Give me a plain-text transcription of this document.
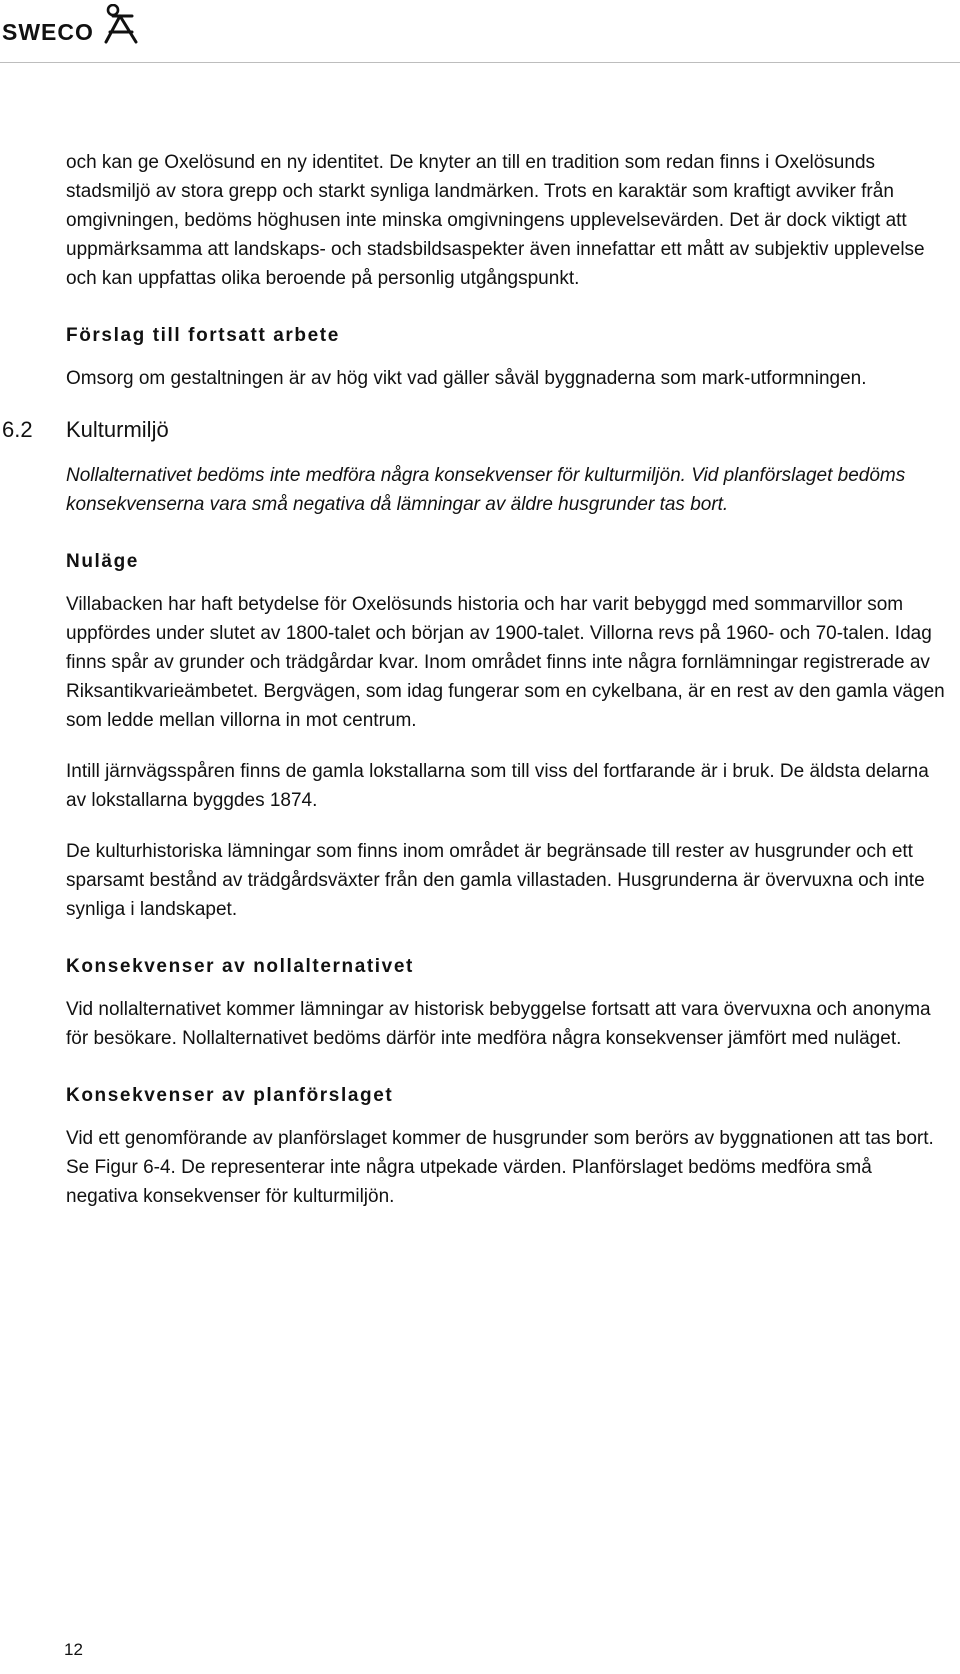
SWECO

och kan ge Oxelösund en ny identitet. De knyter an till en tradition som redan finns i Oxelösunds stadsmiljö av stora grepp och starkt synliga landmärken. Trots en karaktär som kraftigt avviker från omgivningen, bedöms höghusen inte minska omgivningens upplevelsevärden. Det är dock viktigt att uppmärksamma att landskaps- och stadsbildsaspekter även innefattar ett mått av subjektiv upplevelse och kan uppfattas olika beroende på personlig utgångspunkt.

Förslag till fortsatt arbete

Omsorg om gestaltningen är av hög vikt vad gäller såväl byggnaderna som mark-utformningen.

6.2 Kulturmiljö

Nollalternativet bedöms inte medföra några konsekvenser för kulturmiljön. Vid planförslaget bedöms konsekvenserna vara små negativa då lämningar av äldre husgrunder tas bort.

Nuläge

Villabacken har haft betydelse för Oxelösunds historia och har varit bebyggd med sommarvillor som uppfördes under slutet av 1800-talet och början av 1900-talet. Villorna revs på 1960- och 70-talen. Idag finns spår av grunder och trädgårdar kvar. Inom området finns inte några fornlämningar registrerade av Riksantikvarieämbetet. Bergvägen, som idag fungerar som en cykelbana, är en rest av den gamla vägen som ledde mellan villorna in mot centrum.

Intill järnvägsspåren finns de gamla lokstallarna som till viss del fortfarande är i bruk. De äldsta delarna av lokstallarna byggdes 1874.

De kulturhistoriska lämningar som finns inom området är begränsade till rester av husgrunder och ett sparsamt bestånd av trädgårdsväxter från den gamla villastaden. Husgrunderna är övervuxna och inte synliga i landskapet.

Konsekvenser av nollalternativet

Vid nollalternativet kommer lämningar av historisk bebyggelse fortsatt att vara övervuxna och anonyma för besökare. Nollalternativet bedöms därför inte medföra några konsekvenser jämfört med nuläget.

Konsekvenser av planförslaget

Vid ett genomförande av planförslaget kommer de husgrunder som berörs av byggnationen att tas bort. Se Figur 6-4. De representerar inte några utpekade värden. Planförslaget bedöms medföra små negativa konsekvenser för kulturmiljön.

12
